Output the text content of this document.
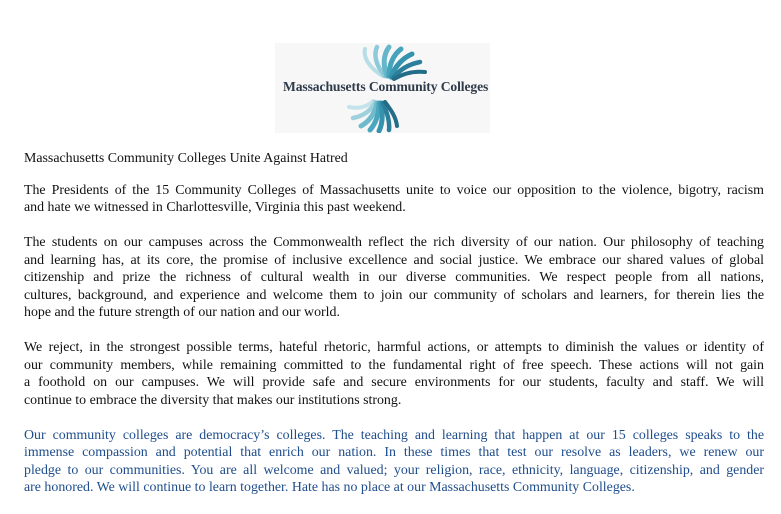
Massachusetts Community Colleges
Massachusetts Community Colleges Unite Against Hatred
The Presidents of the 15 Community Colleges of Massachusetts unite to voice our opposition to the violence, bigotry, racism
and hate we witnessed in Charlottesville, Virginia this past weekend.
The students on our campuses across the Commonwealth reflect the rich diversity of our nation. Our philosophy of teaching
and learning has, at its core, the promise of inclusive excellence and social justice. We embrace our shared values of global
citizenship and prize the richness of cultural wealth in our diverse communities. We respect people from all nations,
cultures, background, and experience and welcome them to join our community of scholars and learners, for therein lies the
hope and the future strength of our nation and our world.
We reject, in the strongest possible terms, hateful rhetoric, harmful actions, or attempts to diminish the values or identity of
our community members, while remaining committed to the fundamental right of free speech. These actions will not gain
a foothold on our campuses. We will provide safe and secure environments for our students, faculty and staff. We will
continue to embrace the diversity that makes our institutions strong.
Our community colleges are democracy’s colleges. The teaching and learning that happen at our 15 colleges speaks to the
immense compassion and potential that enrich our nation. In these times that test our resolve as leaders, we renew our
pledge to our communities. You are all welcome and valued; your religion, race, ethnicity, language, citizenship, and gender
are honored. We will continue to learn together. Hate has no place at our Massachusetts Community Colleges.
